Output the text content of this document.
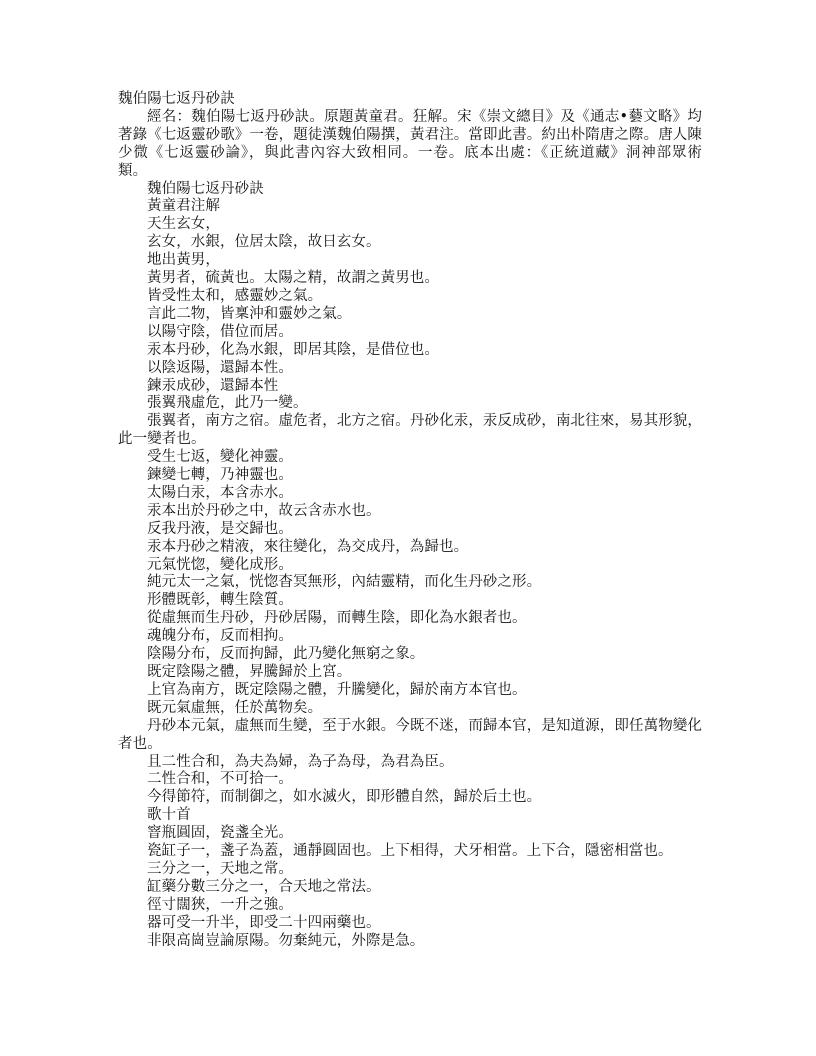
魏伯陽七返丹砂訣

經名：魏伯陽七返丹砂訣。原題黃童君。狂解。宋《崇文總目》及《通志•藝文略》均著錄《七返靈砂歌》一卷，題徒漢魏伯陽撰，黃君注。當即此書。約出朴隋唐之際。唐人陳少微《七返靈砂論》，與此書內容大致相同。一卷。底本出處：《正統道藏》洞神部眾術類。

魏伯陽七返丹砂訣

黃童君注解

天生玄女，

玄女，水銀，位居太陰，故日玄女。

地出黃男，

黃男者，硫黃也。太陽之精，故謂之黃男也。

皆受性太和，感靈妙之氣。

言此二物，皆稟沖和靈妙之氣。

以陽守陰，借位而居。

汞本丹砂，化為水銀，即居其陰，是借位也。

以陰返陽，還歸本性。

鍊汞成砂，還歸本性

張翼飛虛危，此乃一變。

張翼者，南方之宿。虛危者，北方之宿。丹砂化汞，汞反成砂，南北往來，易其形貌，此一變者也。

受生七返，變化神靈。

鍊變七轉，乃神靈也。

太陽白汞，本含赤水。

汞本出於丹砂之中，故云含赤水也。

反我丹液，是交歸也。

汞本丹砂之精液，來往變化，為交成丹，為歸也。

元氣恍惚，變化成形。

純元太一之氣，恍惚杳冥無形，內結靈精，而化生丹砂之形。

形體既彰，轉生陰質。

從虛無而生丹砂，丹砂居陽，而轉生陰，即化為水銀者也。

魂魄分布，反而相拘。

陰陽分布，反而拘歸，此乃變化無窮之象。

既定陰陽之體，昇騰歸於上宮。

上官為南方，既定陰陽之體，升騰變化，歸於南方本官也。

既元氣虛無，任於萬物矣。

丹砂本元氣，虛無而生變，至于水銀。今既不迷，而歸本官，是知道源，即任萬物變化者也。

且二性合和，為夫為婦，為子為母，為君為臣。

二性合和，不可拾一。

今得節符，而制御之，如水滅火，即形體自然，歸於后土也。

歌十首

窨瓶圓固，瓷盞全光。

瓷缸子一，盞子為蓋，通靜圓固也。上下相得，犬牙相當。上下合，隱密相當也。

三分之一，天地之常。

缸藥分數三分之一，合天地之常法。

徑寸闊狹，一升之強。

器可受一升半，即受二十四兩藥也。

非限高崗豈論原陽。勿棄純元，外際是急。
